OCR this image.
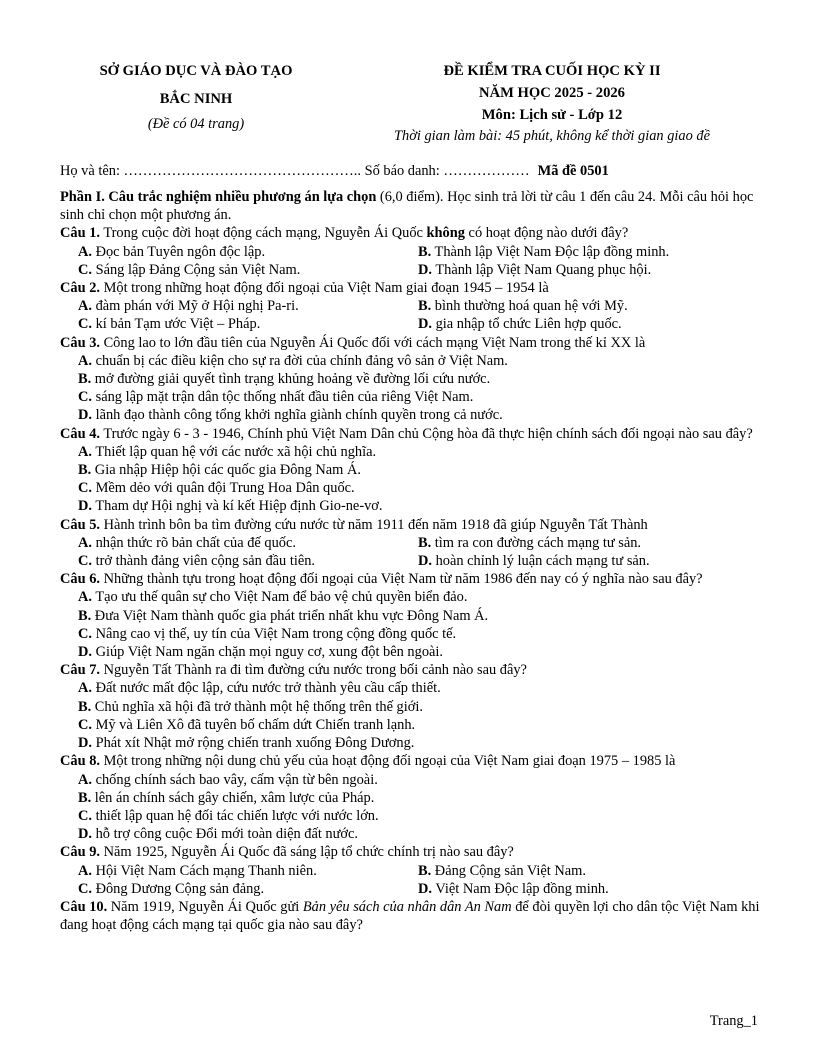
SỞ GIÁO DỤC VÀ ĐÀO TẠO
BẮC NINH
(Đề có 04 trang)
ĐỀ KIỂM TRA CUỐI HỌC KỲ II
NĂM HỌC 2025 - 2026
Môn: Lịch sử - Lớp 12
Thời gian làm bài: 45 phút, không kể thời gian giao đề
Họ và tên: ………………………………………….. Số báo danh: ……………… Mã đề 0501

Phần I. Câu trắc nghiệm nhiều phương án lựa chọn (6,0 điểm). Học sinh trả lời từ câu 1 đến câu 24. Mỗi câu hỏi học sinh chỉ chọn một phương án.

Câu 1. Trong cuộc đời hoạt động cách mạng, Nguyễn Ái Quốc không có hoạt động nào dưới đây?

A. Đọc bản Tuyên ngôn độc lập.	B. Thành lập Việt Nam Độc lập đồng minh.
C. Sáng lập Đảng Cộng sản Việt Nam.	D. Thành lập Việt Nam Quang phục hội.

Câu 2. Một trong những hoạt động đối ngoại của Việt Nam giai đoạn 1945 – 1954 là

A. đàm phán với Mỹ ở Hội nghị Pa-ri.	B. bình thường hoá quan hệ với Mỹ.
C. kí bản Tạm ước Việt – Pháp.	D. gia nhập tổ chức Liên hợp quốc.

Câu 3. Công lao to lớn đầu tiên của Nguyễn Ái Quốc đối với cách mạng Việt Nam trong thế kỉ XX là

A. chuẩn bị các điều kiện cho sự ra đời của chính đảng vô sản ở Việt Nam.
B. mở đường giải quyết tình trạng khủng hoảng về đường lối cứu nước.
C. sáng lập mặt trận dân tộc thống nhất đầu tiên của riêng Việt Nam.
D. lãnh đạo thành công tổng khởi nghĩa giành chính quyền trong cả nước.

Câu 4. Trước ngày 6 - 3 - 1946, Chính phủ Việt Nam Dân chủ Cộng hòa đã thực hiện chính sách đối ngoại nào sau đây?

A. Thiết lập quan hệ với các nước xã hội chủ nghĩa.
B. Gia nhập Hiệp hội các quốc gia Đông Nam Á.
C. Mềm dẻo với quân đội Trung Hoa Dân quốc.
D. Tham dự Hội nghị và kí kết Hiệp định Gio-ne-vơ.

Câu 5. Hành trình bôn ba tìm đường cứu nước từ năm 1911 đến năm 1918 đã giúp Nguyễn Tất Thành

A. nhận thức rõ bản chất của đế quốc.	B. tìm ra con đường cách mạng tư sản.
C. trở thành đảng viên cộng sản đầu tiên.	D. hoàn chỉnh lý luận cách mạng tư sản.

Câu 6. Những thành tựu trong hoạt động đối ngoại của Việt Nam từ năm 1986 đến nay có ý nghĩa nào sau đây?

A. Tạo ưu thế quân sự cho Việt Nam để bảo vệ chủ quyền biển đảo.
B. Đưa Việt Nam thành quốc gia phát triển nhất khu vực Đông Nam Á.
C. Nâng cao vị thế, uy tín của Việt Nam trong cộng đồng quốc tế.
D. Giúp Việt Nam ngăn chặn mọi nguy cơ, xung đột bên ngoài.

Câu 7. Nguyễn Tất Thành ra đi tìm đường cứu nước trong bối cảnh nào sau đây?

A. Đất nước mất độc lập, cứu nước trở thành yêu cầu cấp thiết.
B. Chủ nghĩa xã hội đã trở thành một hệ thống trên thế giới.
C. Mỹ và Liên Xô đã tuyên bố chấm dứt Chiến tranh lạnh.
D. Phát xít Nhật mở rộng chiến tranh xuống Đông Dương.

Câu 8. Một trong những nội dung chủ yếu của hoạt động đối ngoại của Việt Nam giai đoạn 1975 – 1985 là

A. chống chính sách bao vây, cấm vận từ bên ngoài.
B. lên án chính sách gây chiến, xâm lược của Pháp.
C. thiết lập quan hệ đối tác chiến lược với nước lớn.
D. hỗ trợ công cuộc Đổi mới toàn diện đất nước.

Câu 9. Năm 1925, Nguyễn Ái Quốc đã sáng lập tổ chức chính trị nào sau đây?

A. Hội Việt Nam Cách mạng Thanh niên.	B. Đảng Cộng sản Việt Nam.
C. Đông Dương Cộng sản đảng.	D. Việt Nam Độc lập đồng minh.

Câu 10. Năm 1919, Nguyễn Ái Quốc gửi Bản yêu sách của nhân dân An Nam để đòi quyền lợi cho dân tộc Việt Nam khi đang hoạt động cách mạng tại quốc gia nào sau đây?

Trang_1
